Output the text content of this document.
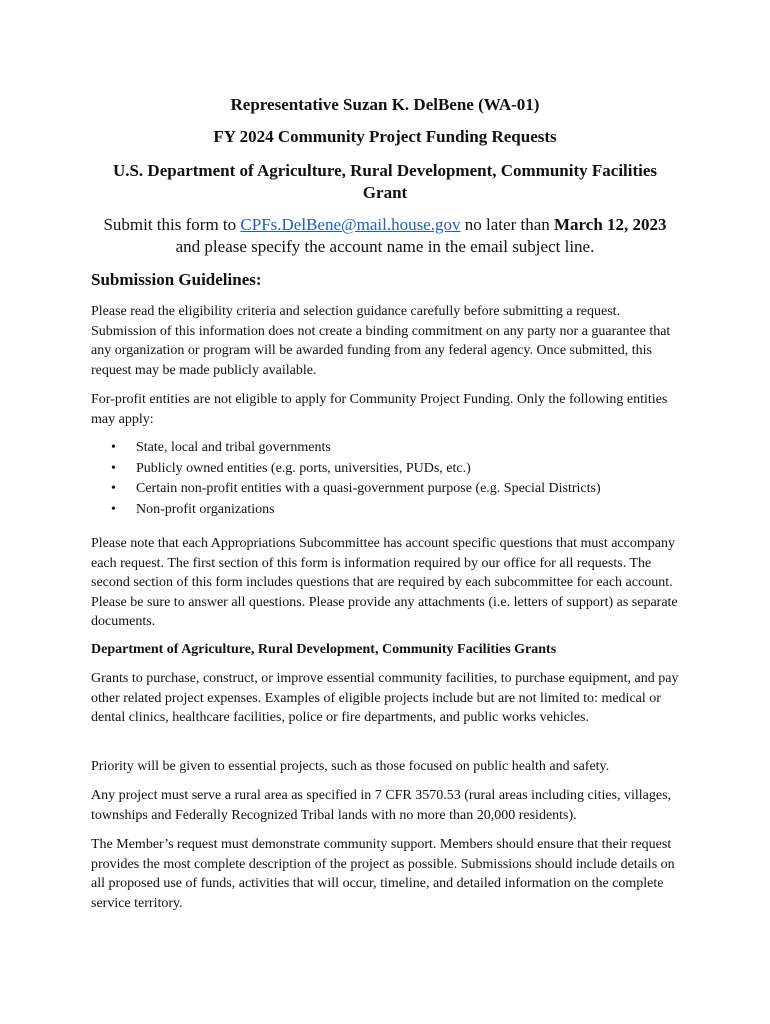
Representative Suzan K. DelBene (WA-01)

FY 2024 Community Project Funding Requests

U.S. Department of Agriculture, Rural Development, Community Facilities Grant

Submit this form to CPFs.DelBene@mail.house.gov no later than March 12, 2023
and please specify the account name in the email subject line.

Submission Guidelines:

Please read the eligibility criteria and selection guidance carefully before submitting a request. Submission of this information does not create a binding commitment on any party nor a guarantee that any organization or program will be awarded funding from any federal agency. Once submitted, this request may be made publicly available.

For-profit entities are not eligible to apply for Community Project Funding. Only the following entities may apply:

• State, local and tribal governments
• Publicly owned entities (e.g. ports, universities, PUDs, etc.)
• Certain non-profit entities with a quasi-government purpose (e.g. Special Districts)
• Non-profit organizations

Please note that each Appropriations Subcommittee has account specific questions that must accompany each request. The first section of this form is information required by our office for all requests. The second section of this form includes questions that are required by each subcommittee for each account. Please be sure to answer all questions. Please provide any attachments (i.e. letters of support) as separate documents.

Department of Agriculture, Rural Development, Community Facilities Grants

Grants to purchase, construct, or improve essential community facilities, to purchase equipment, and pay other related project expenses. Examples of eligible projects include but are not limited to: medical or dental clinics, healthcare facilities, police or fire departments, and public works vehicles.

Priority will be given to essential projects, such as those focused on public health and safety.

Any project must serve a rural area as specified in 7 CFR 3570.53 (rural areas including cities, villages, townships and Federally Recognized Tribal lands with no more than 20,000 residents).

The Member’s request must demonstrate community support. Members should ensure that their request provides the most complete description of the project as possible. Submissions should include details on all proposed use of funds, activities that will occur, timeline, and detailed information on the complete service territory.
